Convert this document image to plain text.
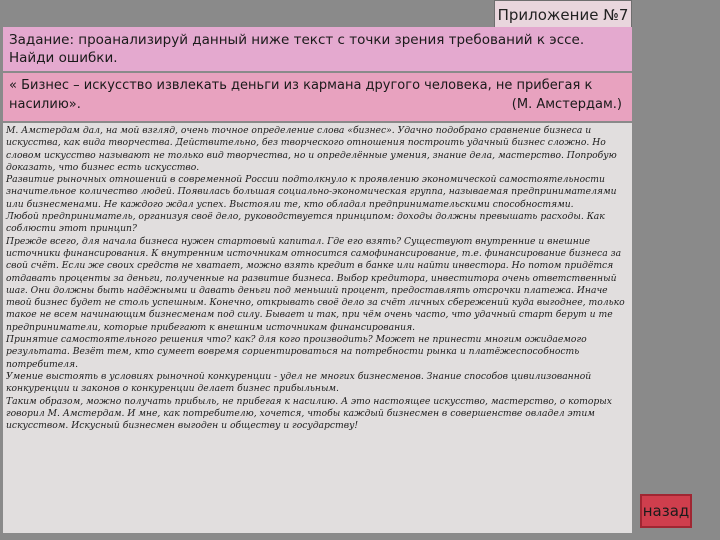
Приложение №7
Задание: проанализируй данный ниже текст с точки зрения требований к эссе. Найди ошибки.
« Бизнес – искусство извлекать деньги из кармана другого человека, не прибегая к насилию».	(М. Амстердам.)

М. Амстердам дал, на мой взгляд, очень точное определение слова «бизнес». Удачно подобрано сравнение бизнеса и искусства, как вида творчества. Действительно, без творческого отношения построить удачный бизнес сложно. Но словом искусство называют не только вид творчества, но и определённые умения, знание дела, мастерство. Попробую доказать, что бизнес есть искусство.

Развитие рыночных отношений в современной России подтолкнуло к проявлению экономической самостоятельности значительное количество людей. Появилась большая социально-экономическая группа, называемая предпринимателями или бизнесменами. Не каждого ждал успех. Выстояли те, кто обладал предпринимательскими способностями.

Любой предприниматель, организуя своё дело, руководствуется принципом: доходы должны превышать расходы. Как соблюсти этот принцип?

Прежде всего, для начала бизнеса нужен стартовый капитал. Где его взять? Существуют внутренние и внешние источники финансирования. К внутренним источникам относится самофинансирование, т.е. финансирование бизнеса за свой счёт. Если же своих средств не хватает, можно взять кредит в банке или найти инвестора. Но потом придётся отдавать проценты за деньги, полученные на развитие бизнеса. Выбор кредитора, инвеститора очень ответственный шаг. Они должны быть надёжными и давать деньги под меньший процент, предоставлять отсрочки платежа. Иначе твой бизнес будет не столь успешным. Конечно, открывать своё дело за счёт личных сбережений куда выгоднее, только такое не всем начинающим бизнесменам под силу. Бывает и так, при чём очень часто, что удачный старт берут и те предприниматели, которые прибегают к внешним источникам финансирования.

Принятие самостоятельного решения что? как? для кого производить? Может не принести многим ожидаемого результата. Везёт тем, кто сумеет вовремя сориентироваться на потребности рынка и платёжеспособность потребителя.

Умение выстоять в условиях рыночной конкуренции - удел не многих бизнесменов. Знание способов цивилизованной конкуренции и законов о конкуренции делает бизнес прибыльным.

Таким образом, можно получать прибыль, не прибегая к насилию. А это настоящее искусство, мастерство, о которых говорил М. Амстердам. И мне, как потребителю, хочется, чтобы каждый бизнесмен в совершенстве овладел этим искусством. Искусный бизнесмен выгоден и обществу и государству!

назад
